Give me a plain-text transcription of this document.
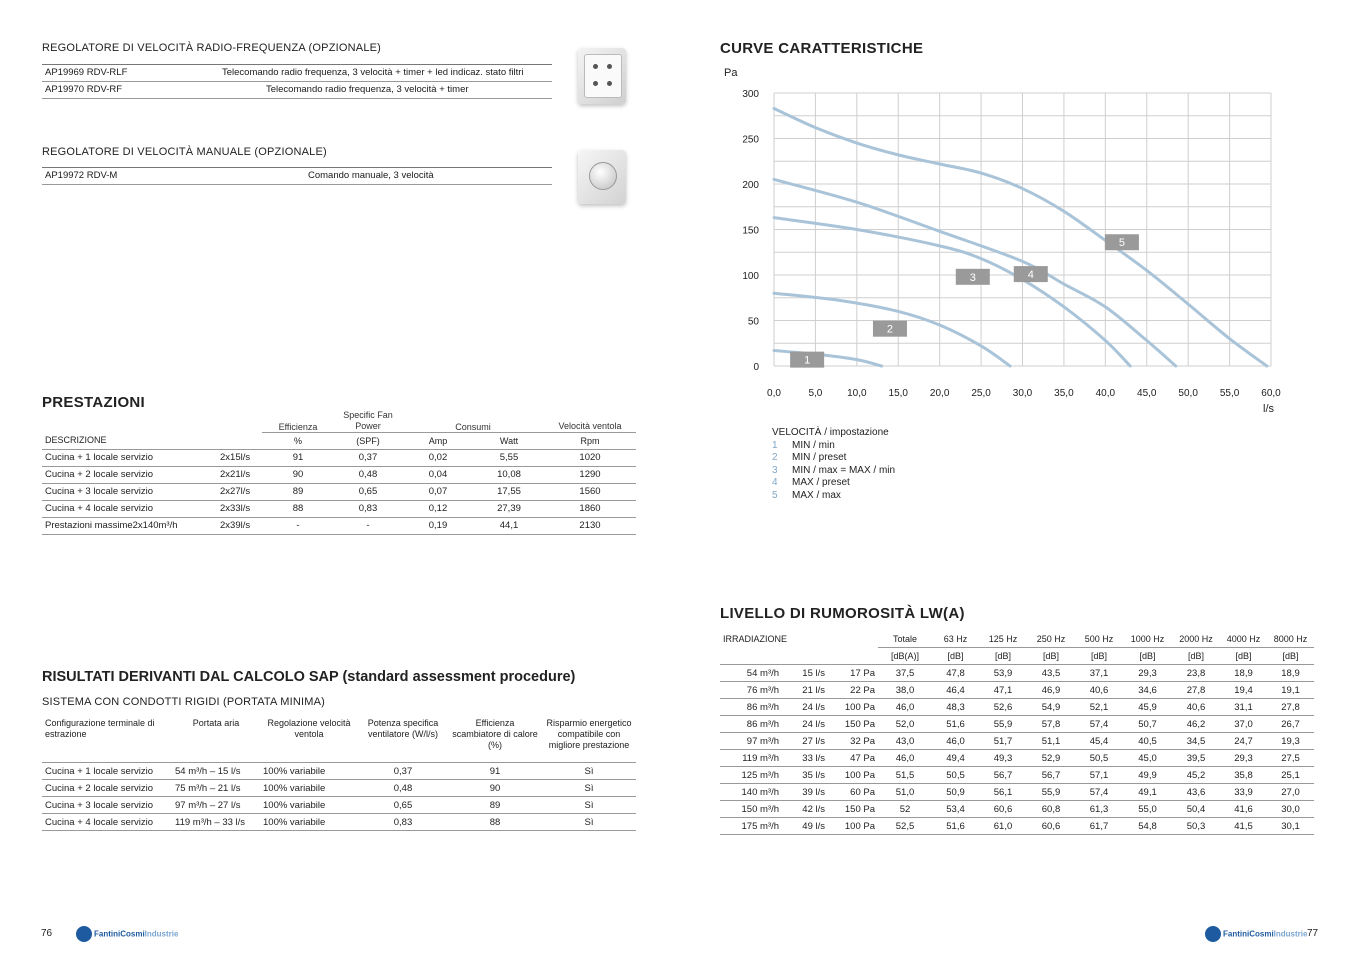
REGOLATORE DI VELOCITÀ RADIO-FREQUENZA (OPZIONALE)
AP19969 RDV-RLF	Telecomando radio frequenza, 3 velocità + timer + led indicaz. stato filtri
AP19970 RDV-RF	Telecomando radio frequenza, 3 velocità + timer
REGOLATORE DI VELOCITÀ MANUALE (OPZIONALE)
AP19972 RDV-M	Comando manuale, 3 velocità
PRESTAZIONI
		Efficienza	Specific Fan Power	Consumi		Velocità ventola
DESCRIZIONE		%	(SPF)	Amp	Watt	Rpm
Cucina + 1 locale servizio	2x15l/s	91	0,37	0,02	5,55	1020
Cucina + 2 locale servizio	2x21l/s	90	0,48	0,04	10,08	1290
Cucina + 3 locale servizio	2x27l/s	89	0,65	0,07	17,55	1560
Cucina + 4 locale servizio	2x33l/s	88	0,83	0,12	27,39	1860
Prestazioni massime2x140m³/h	2x39l/s	-	-	0,19	44,1	2130
RISULTATI DERIVANTI DAL CALCOLO SAP (standard assessment procedure)
SISTEMA CON CONDOTTI RIGIDI (PORTATA MINIMA)
Configurazione terminale di estrazione	Portata aria	Regolazione velocità ventola	Potenza specifica ventilatore (W/l/s)	Efficienza scambiatore di calore (%)	Risparmio energetico compatibile con migliore prestazione
Cucina + 1 locale servizio	54 m³/h – 15 l/s	100% variabile	0,37	91	Sì
Cucina + 2 locale servizio	75 m³/h – 21 l/s	100% variabile	0,48	90	Sì
Cucina + 3 locale servizio	97 m³/h – 27 l/s	100% variabile	0,65	89	Sì
Cucina + 4 locale servizio	119 m³/h – 33 l/s	100% variabile	0,83	88	Sì
76	FantiniCosmiIndustrie
CURVE CARATTERISTICHE
0,0	5,0 10,0 15,0 20,0 25,0 30,0 35,0 40,0 45,0 50,0 55,0 60,0
0
50
100
150
200
250
300
Pa
l/s
1
2
3	4
5
VELOCITÀ / impostazione
1 MIN / min
2 MIN / preset
3 MIN / max = MAX / min
4 MAX / preset
5 MAX / max
LIVELLO DI RUMOROSITÀ LW(A)
IRRADIAZIONE			Totale	63 Hz	125 Hz	250 Hz	500 Hz	1000 Hz	2000 Hz	4000 Hz	8000 Hz
			[dB(A)]	[dB]	[dB]	[dB]	[dB]	[dB]	[dB]	[dB]	[dB]
54 m³/h	15 l/s	17 Pa	37,5	47,8	53,9	43,5	37,1	29,3	23,8	18,9	18,9
76 m³/h	21 l/s	22 Pa	38,0	46,4	47,1	46,9	40,6	34,6	27,8	19,4	19,1
86 m³/h	24 l/s	100 Pa	46,0	48,3	52,6	54,9	52,1	45,9	40,6	31,1	27,8
86 m³/h	24 l/s	150 Pa	52,0	51,6	55,9	57,8	57,4	50,7	46,2	37,0	26,7
97 m³/h	27 l/s	32 Pa	43,0	46,0	51,7	51,1	45,4	40,5	34,5	24,7	19,3
119 m³/h	33 l/s	47 Pa	46,0	49,4	49,3	52,9	50,5	45,0	39,5	29,3	27,5
125 m³/h	35 l/s	100 Pa	51,5	50,5	56,7	56,7	57,1	49,9	45,2	35,8	25,1
140 m³/h	39 l/s	60 Pa	51,0	50,9	56,1	55,9	57,4	49,1	43,6	33,9	27,0
150 m³/h	42 l/s	150 Pa	52	53,4	60,6	60,8	61,3	55,0	50,4	41,6	30,0
175 m³/h	49 l/s	100 Pa	52,5	51,6	61,0	60,6	61,7	54,8	50,3	41,5	30,1
FantiniCosmiIndustrie 77
